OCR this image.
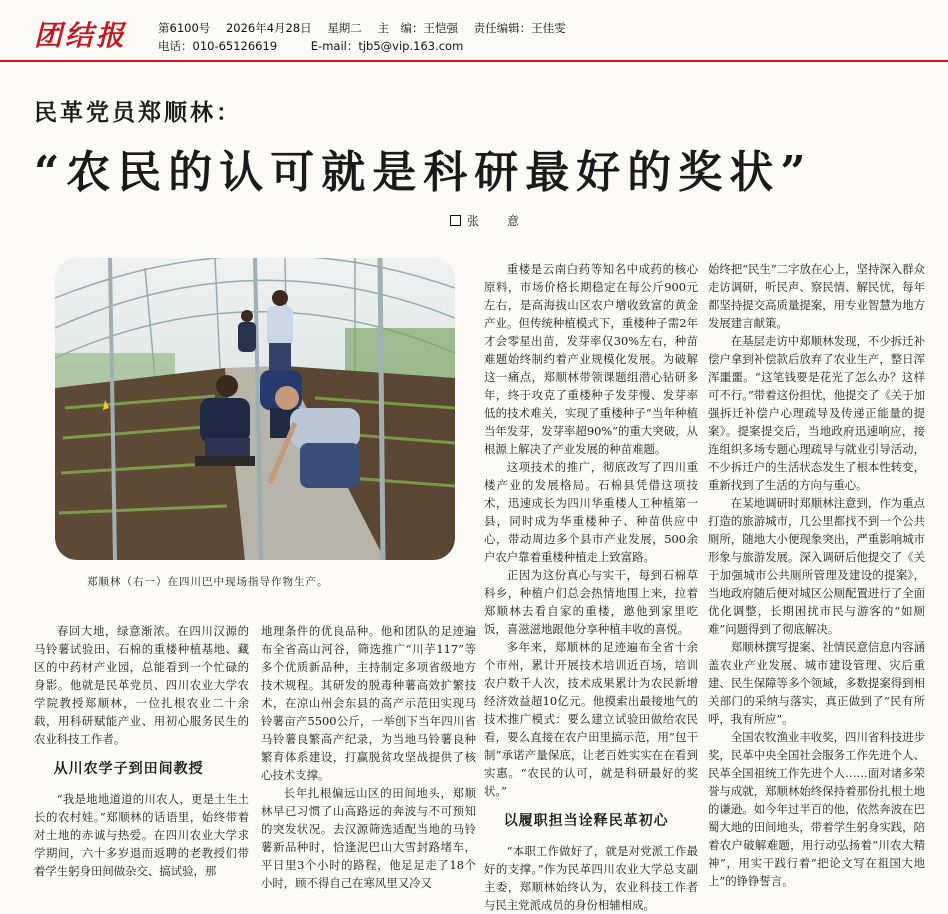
团结报	第6100号 2026年4月28日 星期二 主　编：王恺强 责任编辑：王佳雯
电话：010-65126619	E-mail：tjb5@vip.163.com
民革党员郑顺林：
“农民的认可就是科研最好的奖状”
张　意
郑顺林（右一）在四川巴中现场指导作物生产。

春回大地，绿意渐浓。在四川汉源的马铃薯试验田、石棉的重楼种植基地、藏区的中药材产业园，总能看到一个忙碌的身影。他就是民革党员、四川农业大学农学院教授郑顺林，一位扎根农业二十余载，用科研赋能产业、用初心服务民生的农业科技工作者。

从川农学子到田间教授

“我是地地道道的川农人，更是土生土长的农村娃。”郑顺林的话语里，始终带着对土地的赤诚与热爱。在四川农业大学求学期间，六十多岁退而返聘的老教授们带着学生躬身田间做杂交、搞试验，那

地理条件的优良品种。他和团队的足迹遍布全省高山河谷，筛选推广“川芋117”等多个优质新品种，主持制定多项省级地方技术规程。其研发的脱毒种薯高效扩繁技术，在凉山州会东县的高产示范田实现马铃薯亩产5500公斤，一举创下当年四川省马铃薯良繁高产纪录，为当地马铃薯良种繁育体系建设，打赢脱贫攻坚战提供了核心技术支撑。

长年扎根偏远山区的田间地头，郑顺林早已习惯了山高路远的奔波与不可预知的突发状况。去汉源筛选适配当地的马铃薯新品种时，恰逢泥巴山大雪封路堵车，平日里3个小时的路程，他足足走了18个小时，顾不得自己在寒风里又冷又

重楼是云南白药等知名中成药的核心原料，市场价格长期稳定在每公斤900元左右，是高海拔山区农户增收致富的黄金产业。但传统种植模式下，重楼种子需2年才会零星出苗，发芽率仅30%左右，种苗难题始终制约着产业规模化发展。为破解这一痛点，郑顺林带领课题组潜心钻研多年，终于攻克了重楼种子发芽慢、发芽率低的技术难关，实现了重楼种子“当年种植当年发芽，发芽率超90%”的重大突破，从根源上解决了产业发展的种苗难题。

这项技术的推广，彻底改写了四川重楼产业的发展格局。石棉县凭借这项技术，迅速成长为四川华重楼人工种植第一县，同时成为华重楼种子、种苗供应中心，带动周边多个县市产业发展，500余户农户靠着重楼种植走上致富路。

正因为这份真心与实干，每到石棉草科乡，种植户们总会热情地围上来，拉着郑顺林去看自家的重楼，邀他到家里吃饭，喜滋滋地跟他分享种植丰收的喜悦。

多年来，郑顺林的足迹遍布全省十余个市州，累计开展技术培训近百场，培训农户数千人次，技术成果累计为农民新增经济效益超10亿元。他摸索出最接地气的技术推广模式：要么建立试验田做给农民看，要么直接在农户田里搞示范，用“包干制”承诺产量保底，让老百姓实实在在看到实惠。“农民的认可，就是科研最好的奖状。”

以履职担当诠释民革初心

“本职工作做好了，就是对党派工作最好的支撑。”作为民革四川农业大学总支副主委，郑顺林始终认为，农业科技工作者与民主党派成员的身份相辅相成。

始终把“民生”二字放在心上，坚持深入群众走访调研，听民声、察民情、解民忧，每年都坚持提交高质量提案，用专业智慧为地方发展建言献策。

在基层走访中郑顺林发现，不少拆迁补偿户拿到补偿款后放弃了农业生产，整日浑浑噩噩。“这笔钱要是花光了怎么办？这样可不行。”带着这份担忧，他提交了《关于加强拆迁补偿户心理疏导及传递正能量的提案》。提案提交后，当地政府迅速响应，接连组织多场专题心理疏导与就业引导活动，不少拆迁户的生活状态发生了根本性转变，重新找到了生活的方向与重心。

在某地调研时郑顺林注意到，作为重点打造的旅游城市，几公里都找不到一个公共厕所，随地大小便现象突出，严重影响城市形象与旅游发展。深入调研后他提交了《关于加强城市公共厕所管理及建设的提案》，当地政府随后便对城区公厕配置进行了全面优化调整，长期困扰市民与游客的“如厕难”问题得到了彻底解决。

郑顺林撰写提案、社情民意信息内容涵盖农业产业发展、城市建设管理、灾后重建、民生保障等多个领域，多数提案得到相关部门的采纳与落实，真正做到了“民有所呼，我有所应”。

全国农牧渔业丰收奖，四川省科技进步奖，民革中央全国社会服务工作先进个人、民革全国祖统工作先进个人……面对诸多荣誉与成就，郑顺林始终保持着那份扎根土地的谦逊。如今年过半百的他，依然奔波在巴蜀大地的田间地头，带着学生躬身实践，陪着农户破解难题，用行动弘扬着“川农大精神”，用实干践行着“把论文写在祖国大地上”的铮铮誓言。
